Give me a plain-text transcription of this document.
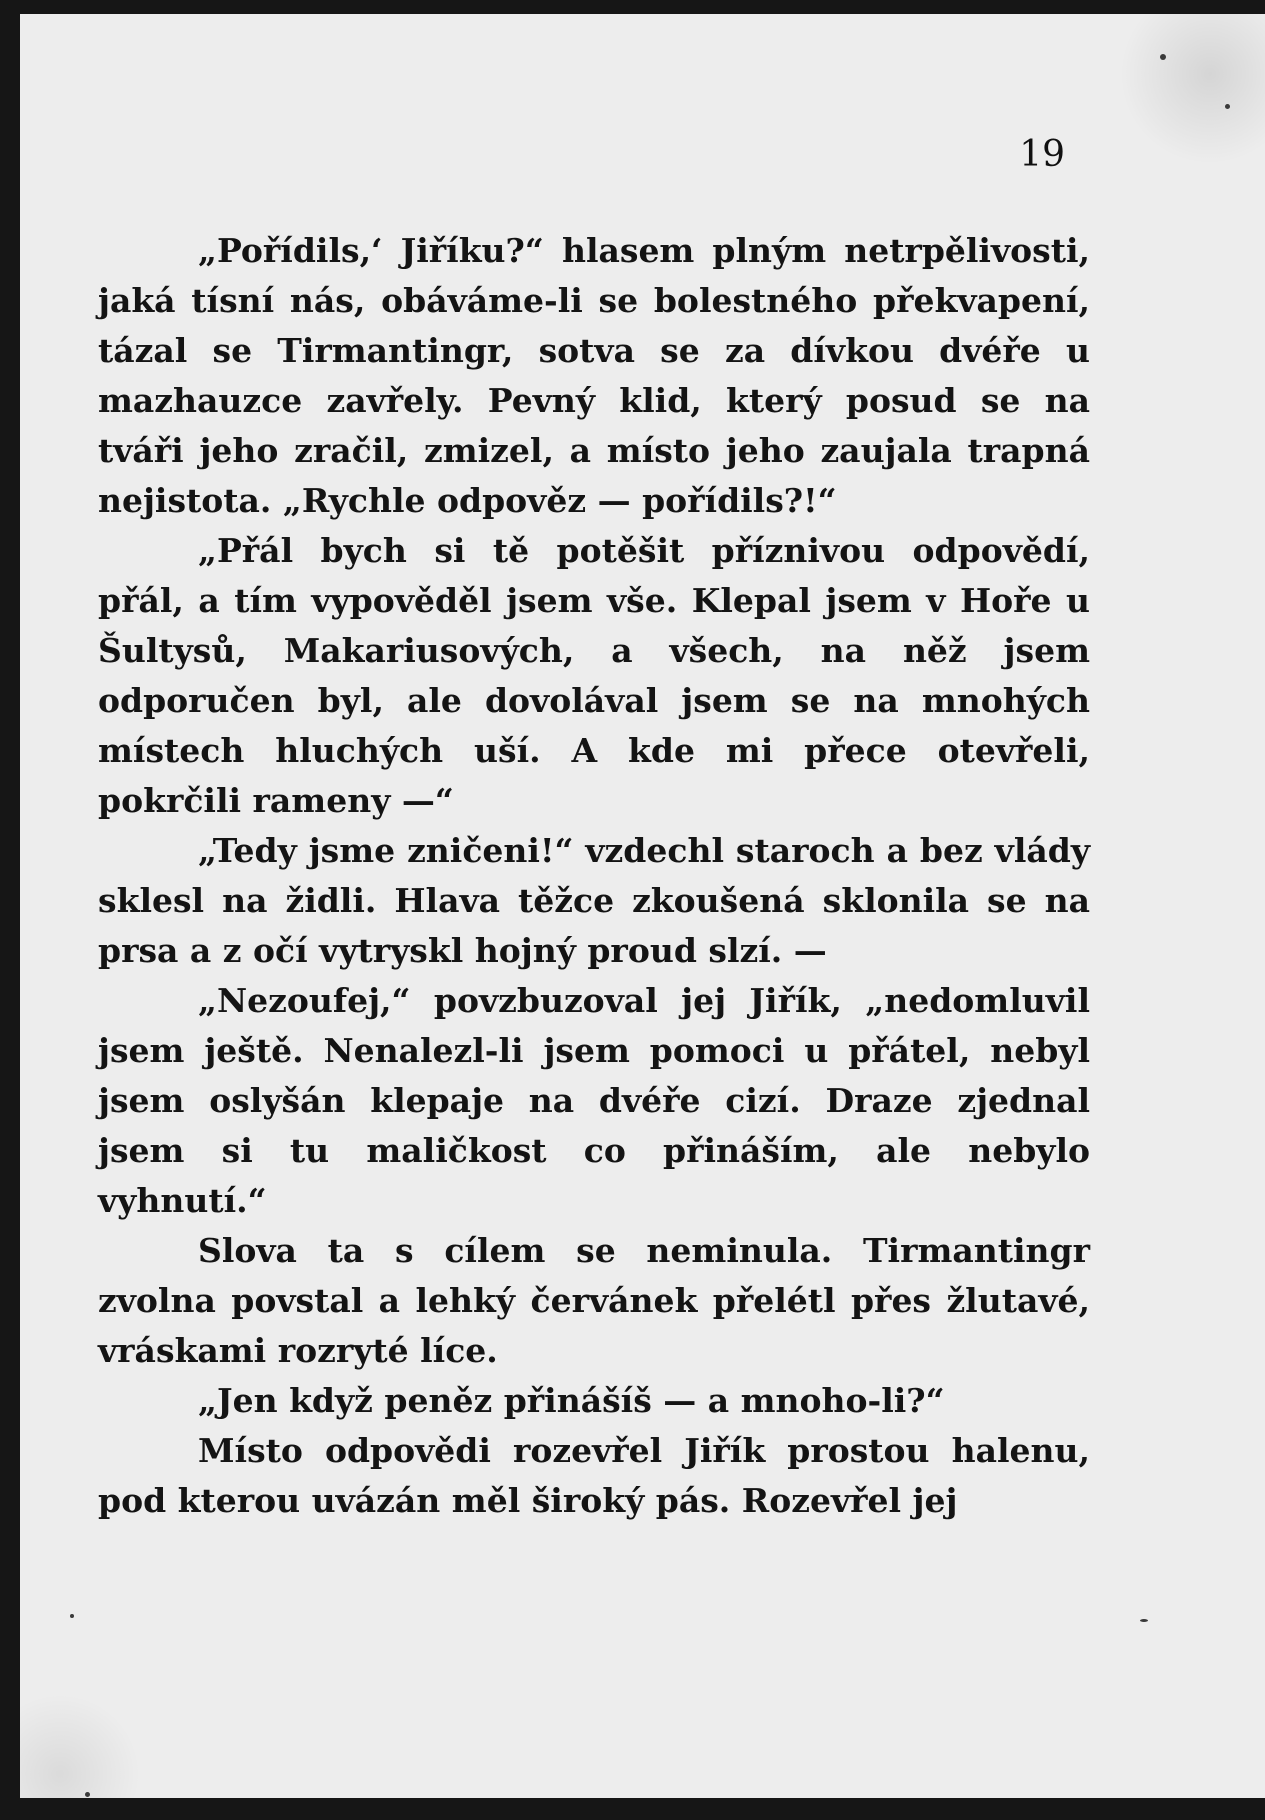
19

„Pořídils,ʻ Jiříku?“ hlasem plným netrpělivosti, jaká tísní nás, obáváme-li se bolestného překvapení, tázal se Tirmantingr, sotva se za dívkou dvéře u mazhauzce zavřely. Pevný klid, který posud se na tváři jeho zračil, zmizel, a místo jeho zaujala trapná nejistota. „Rychle odpověz — pořídils?!“

„Přál bych si tě potěšit příznivou odpovědí, přál, a tím vypověděl jsem vše. Klepal jsem v Hoře u Šultysů, Makariusových, a všech, na něž jsem odporučen byl, ale dovolával jsem se na mnohých místech hluchých uší. A kde mi přece otevřeli, pokrčili rameny —“

„Tedy jsme zničeni!“ vzdechl staroch a bez vlády sklesl na židli. Hlava těžce zkoušená sklonila se na prsa a z očí vytryskl hojný proud slzí. —

„Nezoufej,“ povzbuzoval jej Jiřík, „nedomluvil jsem ještě. Nenalezl-li jsem pomoci u přátel, nebyl jsem oslyšán klepaje na dvéře cizí. Draze zjednal jsem si tu maličkost co přináším, ale nebylo vyhnutí.“

Slova ta s cílem se neminula. Tirmantingr zvolna povstal a lehký červánek přelétl přes žlutavé, vráskami rozryté líce.

„Jen když peněz přinášíš — a mnoho-li?“

Místo odpovědi rozevřel Jiřík prostou halenu, pod kterou uvázán měl široký pás. Rozevřel jej
